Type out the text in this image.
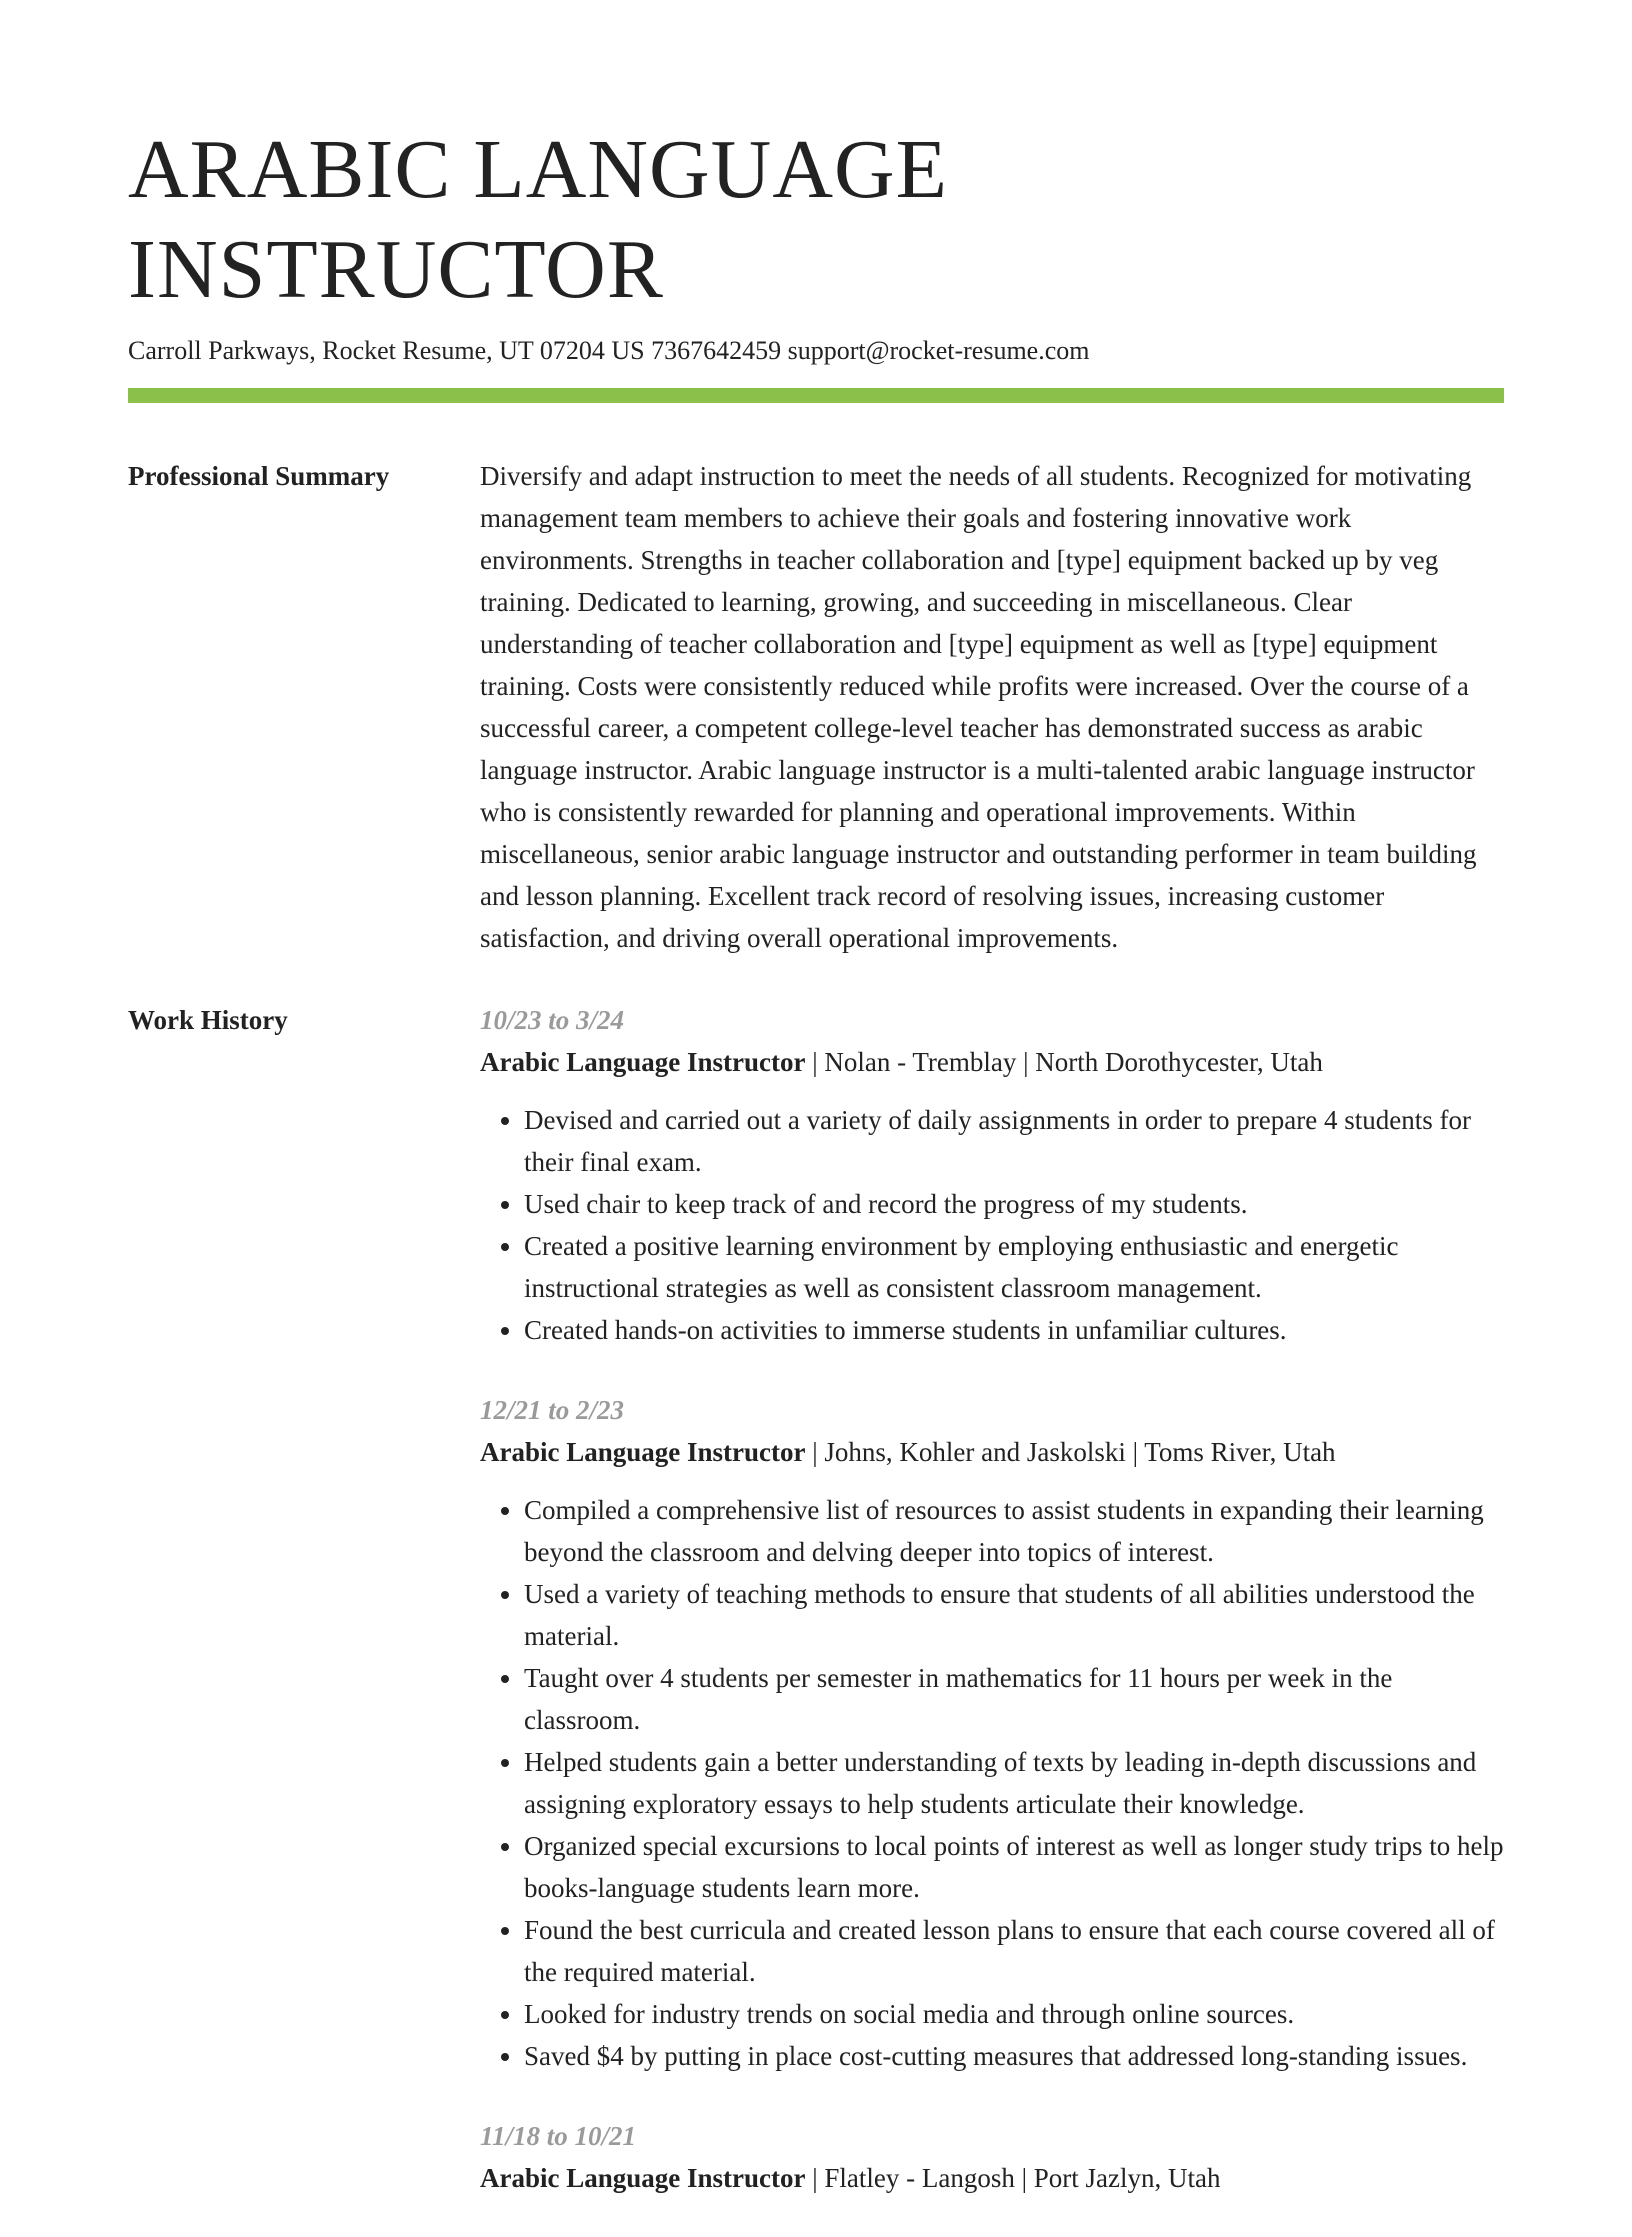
ARABIC LANGUAGE INSTRUCTOR
Carroll Parkways, Rocket Resume, UT 07204 US 7367642459 support@rocket-resume.com
Professional Summary	Diversify and adapt instruction to meet the needs of all students. Recognized for motivating management team members to achieve their goals and fostering innovative work environments. Strengths in teacher collaboration and [type] equipment backed up by veg training. Dedicated to learning, growing, and succeeding in miscellaneous. Clear understanding of teacher collaboration and [type] equipment as well as [type] equipment training. Costs were consistently reduced while profits were increased. Over the course of a successful career, a competent college-level teacher has demonstrated success as arabic language instructor. Arabic language instructor is a multi-talented arabic language instructor who is consistently rewarded for planning and operational improvements. Within miscellaneous, senior arabic language instructor and outstanding performer in team building and lesson planning. Excellent track record of resolving issues, increasing customer satisfaction, and driving overall operational improvements.

Work History	10/23 to 3/24
Arabic Language Instructor | Nolan - Tremblay | North Dorothycester, Utah
• Devised and carried out a variety of daily assignments in order to prepare 4 students for their final exam.
• Used chair to keep track of and record the progress of my students.
• Created a positive learning environment by employing enthusiastic and energetic instructional strategies as well as consistent classroom management.
• Created hands-on activities to immerse students in unfamiliar cultures.
12/21 to 2/23
Arabic Language Instructor | Johns, Kohler and Jaskolski | Toms River, Utah
• Compiled a comprehensive list of resources to assist students in expanding their learning beyond the classroom and delving deeper into topics of interest.
• Used a variety of teaching methods to ensure that students of all abilities understood the material.
• Taught over 4 students per semester in mathematics for 11 hours per week in the classroom.
• Helped students gain a better understanding of texts by leading in-depth discussions and assigning exploratory essays to help students articulate their knowledge.
• Organized special excursions to local points of interest as well as longer study trips to help books-language students learn more.
• Found the best curricula and created lesson plans to ensure that each course covered all of the required material.
• Looked for industry trends on social media and through online sources.
• Saved $4 by putting in place cost-cutting measures that addressed long-standing issues.
11/18 to 10/21
Arabic Language Instructor | Flatley - Langosh | Port Jazlyn, Utah
